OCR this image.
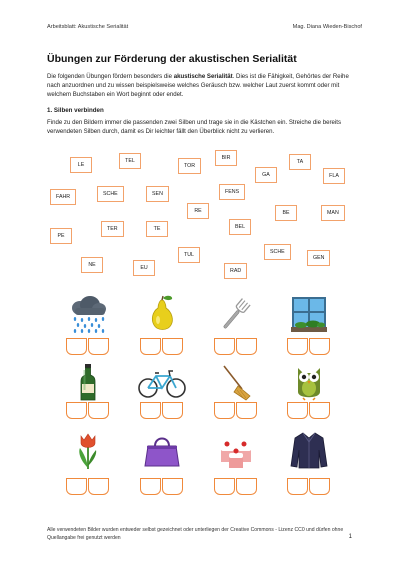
Arbeitsblatt: Akustische Serialität	Mag. Diana Wieden-Bischof
Übungen zur Förderung der akustischen Serialität

Die folgenden Übungen fördern besonders die akustische Serialität. Dies ist die Fähigkeit, Gehörtes der Reihe nach anzuordnen und zu wissen beispielsweise welches Geräusch bzw. welcher Laut zuerst kommt oder mit welchem Buchstaben ein Wort beginnt oder endet.

1. Silben verbinden

Finde zu den Bildern immer die passenden zwei Silben und trage sie in die Kästchen ein. Streiche die bereits verwendeten Silben durch, damit es Dir leichter fällt den Überblick nicht zu verlieren.

LE
TEL
TOR
BIR
GA
TA
FLA
FAHR	SCHE	SEN	FENS
RE	BE	MAN
TER	TE	BEL
PE
TUL	SCHE
GEN
NE	EU	RAD
Alle verwendeten Bilder wurden entweder selbst gezeichnet oder unterliegen der Creative Commons - Lizenz CC0 und dürfen ohne Quellangabe frei genutzt werden	1
